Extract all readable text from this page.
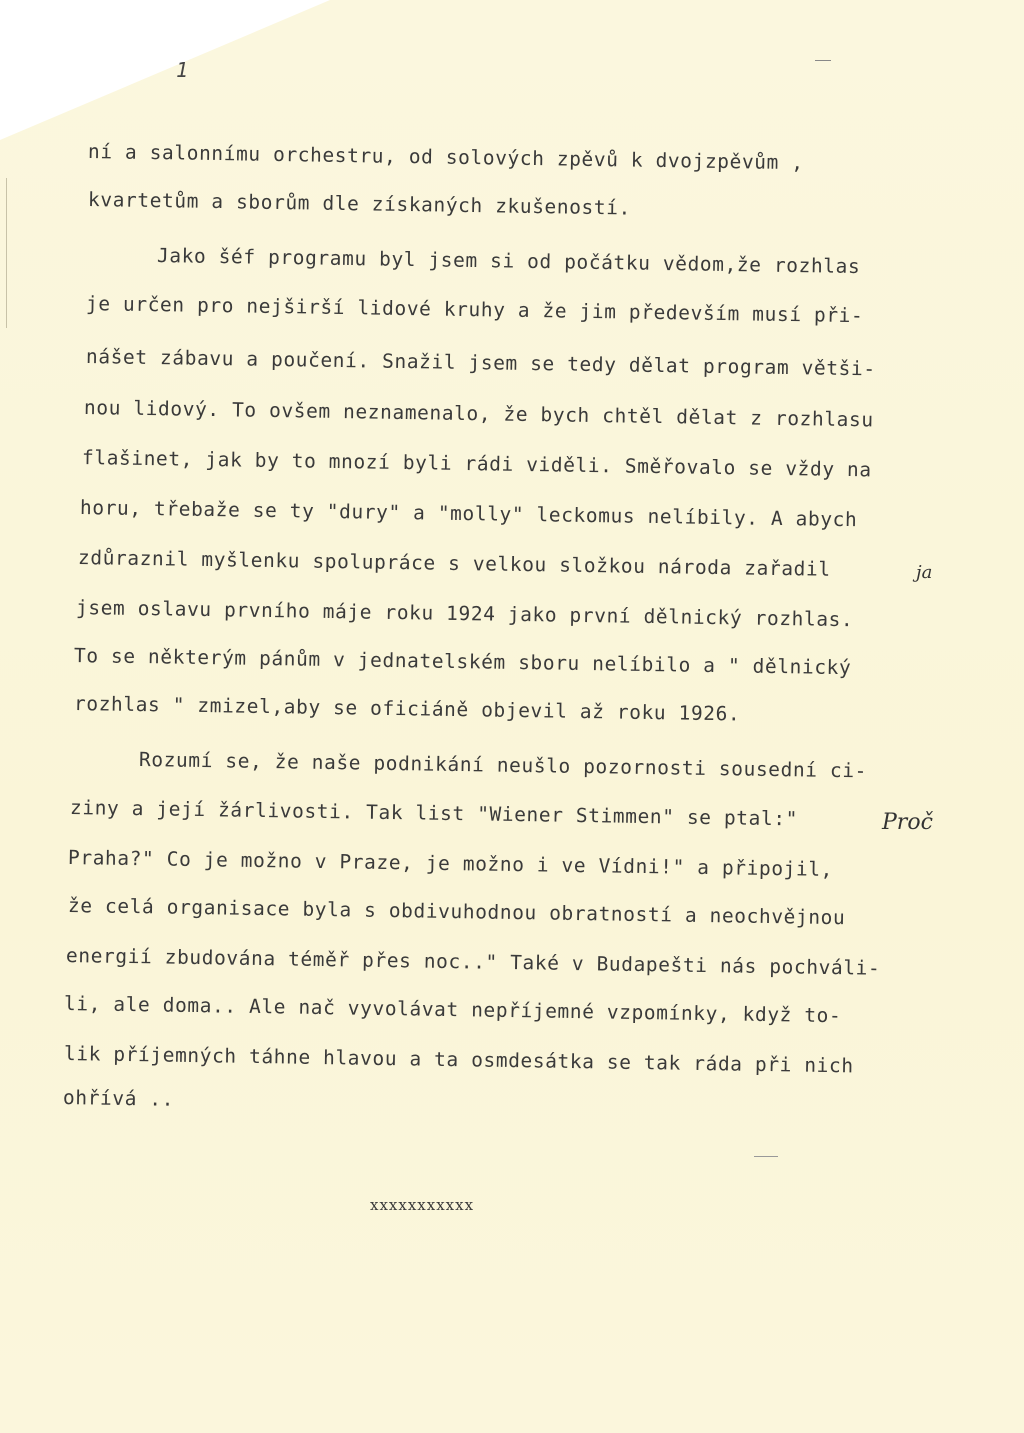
1
ní a salonnímu orchestru, od solových zpěvů k dvojzpěvům ,
kvartetům a sborům dle získaných zkušeností.
Jako šéf programu byl jsem si od počátku vědom,že rozhlas
je určen pro nejširší lidové kruhy a že jim především musí při-
nášet zábavu a poučení. Snažil jsem se tedy dělat program větši-
nou lidový. To ovšem neznamenalo, že bych chtěl dělat z rozhlasu
flašinet, jak by to mnozí byli rádi viděli. Směřovalo se vždy na
horu, třebaže se ty "dury" a "molly" leckomus nelíbily. A abych
zdůraznil myšlenku spolupráce s velkou složkou národa zařadil
jsem oslavu prvního máje roku 1924 jako první dělnický rozhlas.
To se některým pánům v jednatelském sboru nelíbilo a " dělnický
rozhlas " zmizel,aby se oficiáně objevil až roku 1926.
Rozumí se, že naše podnikání neušlo pozornosti sousední ci-
ziny a její žárlivosti. Tak list "Wiener Stimmen" se ptal:"
Praha?" Co je možno v Praze, je možno i ve Vídni!" a připojil,
že celá organisace byla s obdivuhodnou obratností a neochvějnou
energií zbudována téměř přes noc.." Také v Budapešti nás pochváli-
li, ale doma.. Ale nač vyvolávat nepříjemné vzpomínky, když to-
lik příjemných táhne hlavou a ta osmdesátka se tak ráda při nich
ohřívá ..
Proč
ja
xxxxxxxxxxx
